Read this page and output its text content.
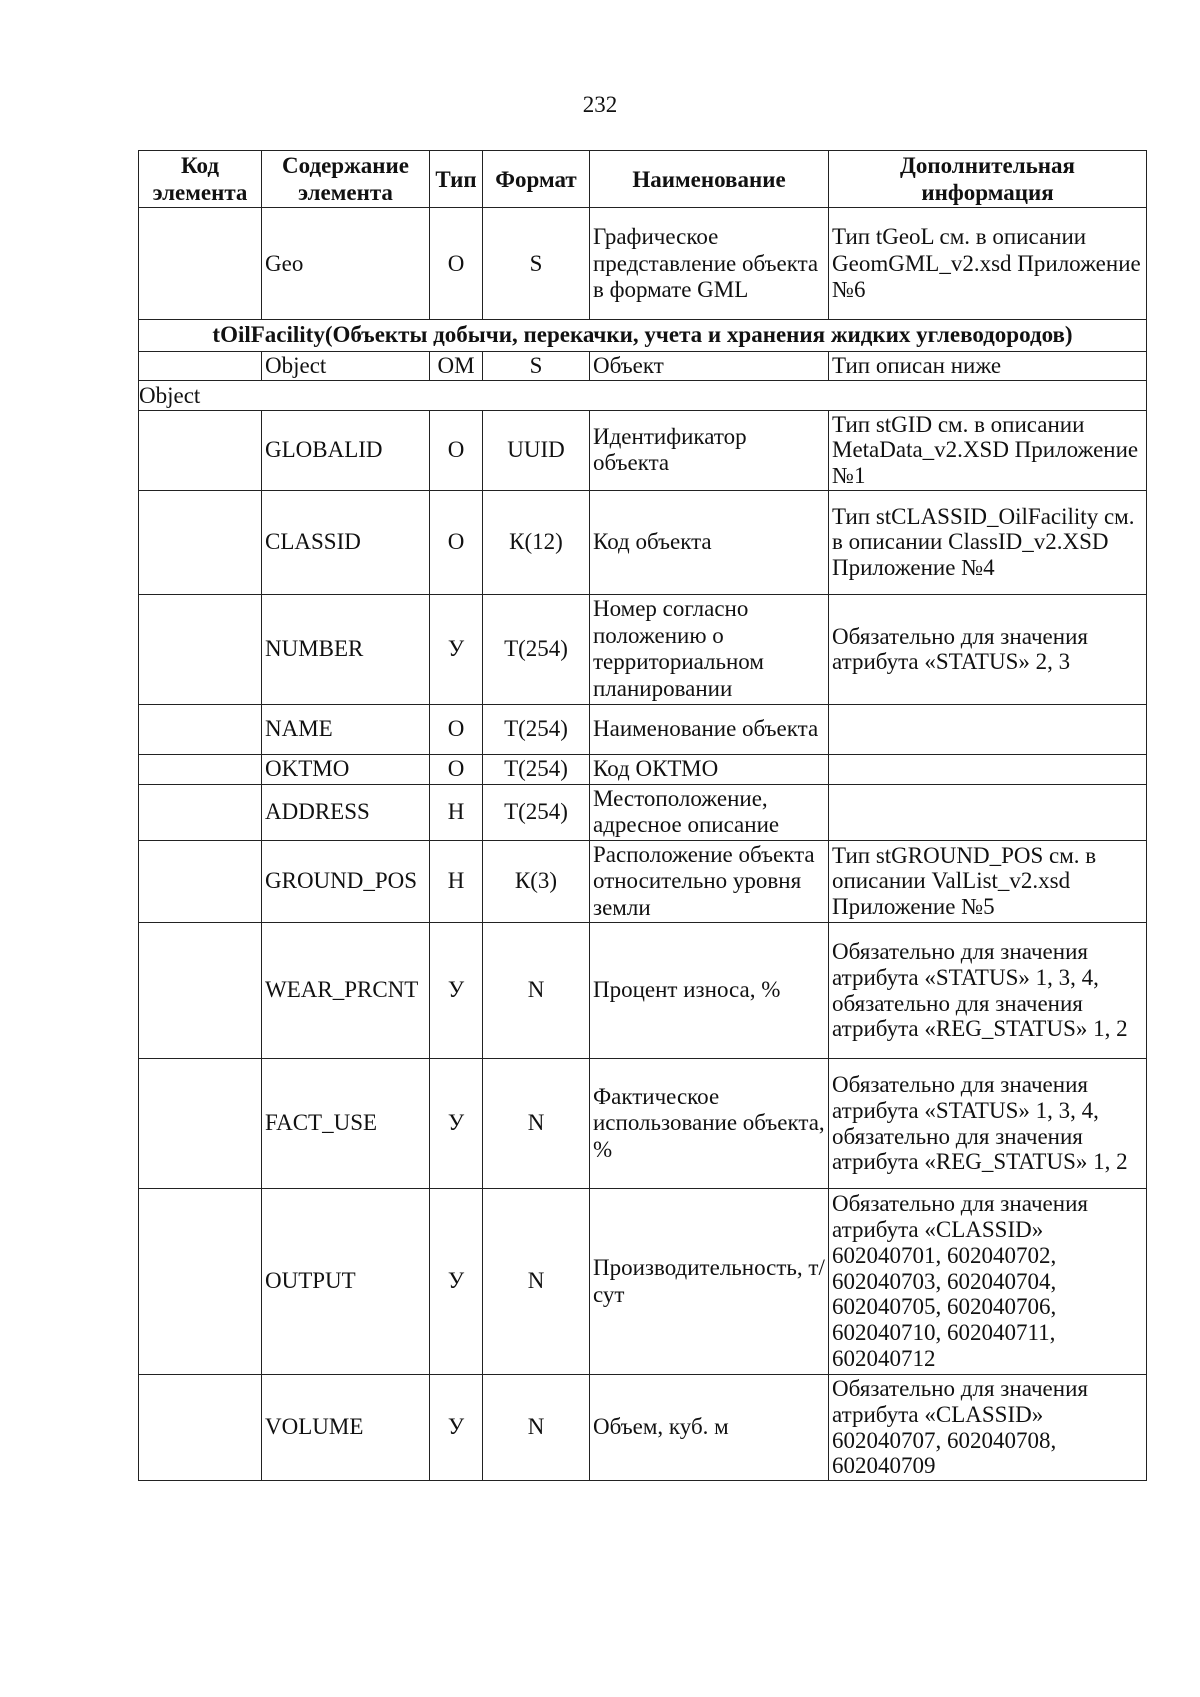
232
Код элемента	Содержание элемента	Тип	Формат	Наименование	Дополнительная информация
	Geo	О	S	Графическое представление объекта в формате GML	Тип tGeoL см. в описании GeomGML_v2.xsd Приложение №6
tOilFacility(Объекты добычи, перекачки, учета и хранения жидких углеводородов)					
	Object	ОМ	S	Объект	Тип описан ниже
Object					
	GLOBALID	О	UUID	Идентификатор объекта	Тип stGID см. в описании MetaData_v2.XSD Приложение №1
	CLASSID	О	К(12)	Код объекта	Тип stCLASSID_OilFacility см. в описании ClassID_v2.XSD Приложение №4
	NUMBER	У	Т(254)	Номер согласно положению о территориальном планировании	Обязательно для значения атрибута «STATUS» 2, 3
	NAME	О	Т(254)	Наименование объекта	
	OKTMO	О	Т(254)	Код ОКТМО	
	ADDRESS	Н	Т(254)	Местоположение, адресное описание	
	GROUND_POS	Н	К(3)	Расположение объекта относительно уровня земли	Тип stGROUND_POS см. в описании ValList_v2.xsd Приложение №5
	WEAR_PRCNT	У	N	Процент износа, %	Обязательно для значения атрибута «STATUS» 1, 3, 4, обязательно для значения атрибута «REG_STATUS» 1, 2
	FACT_USE	У	N	Фактическое использование объекта, %	Обязательно для значения атрибута «STATUS» 1, 3, 4, обязательно для значения атрибута «REG_STATUS» 1, 2
	OUTPUT	У	N	Производительность, т/сут	Обязательно для значения атрибута «CLASSID» 602040701, 602040702, 602040703, 602040704, 602040705, 602040706, 602040710, 602040711, 602040712
	VOLUME	У	N	Объем, куб. м	Обязательно для значения атрибута «CLASSID» 602040707, 602040708, 602040709
